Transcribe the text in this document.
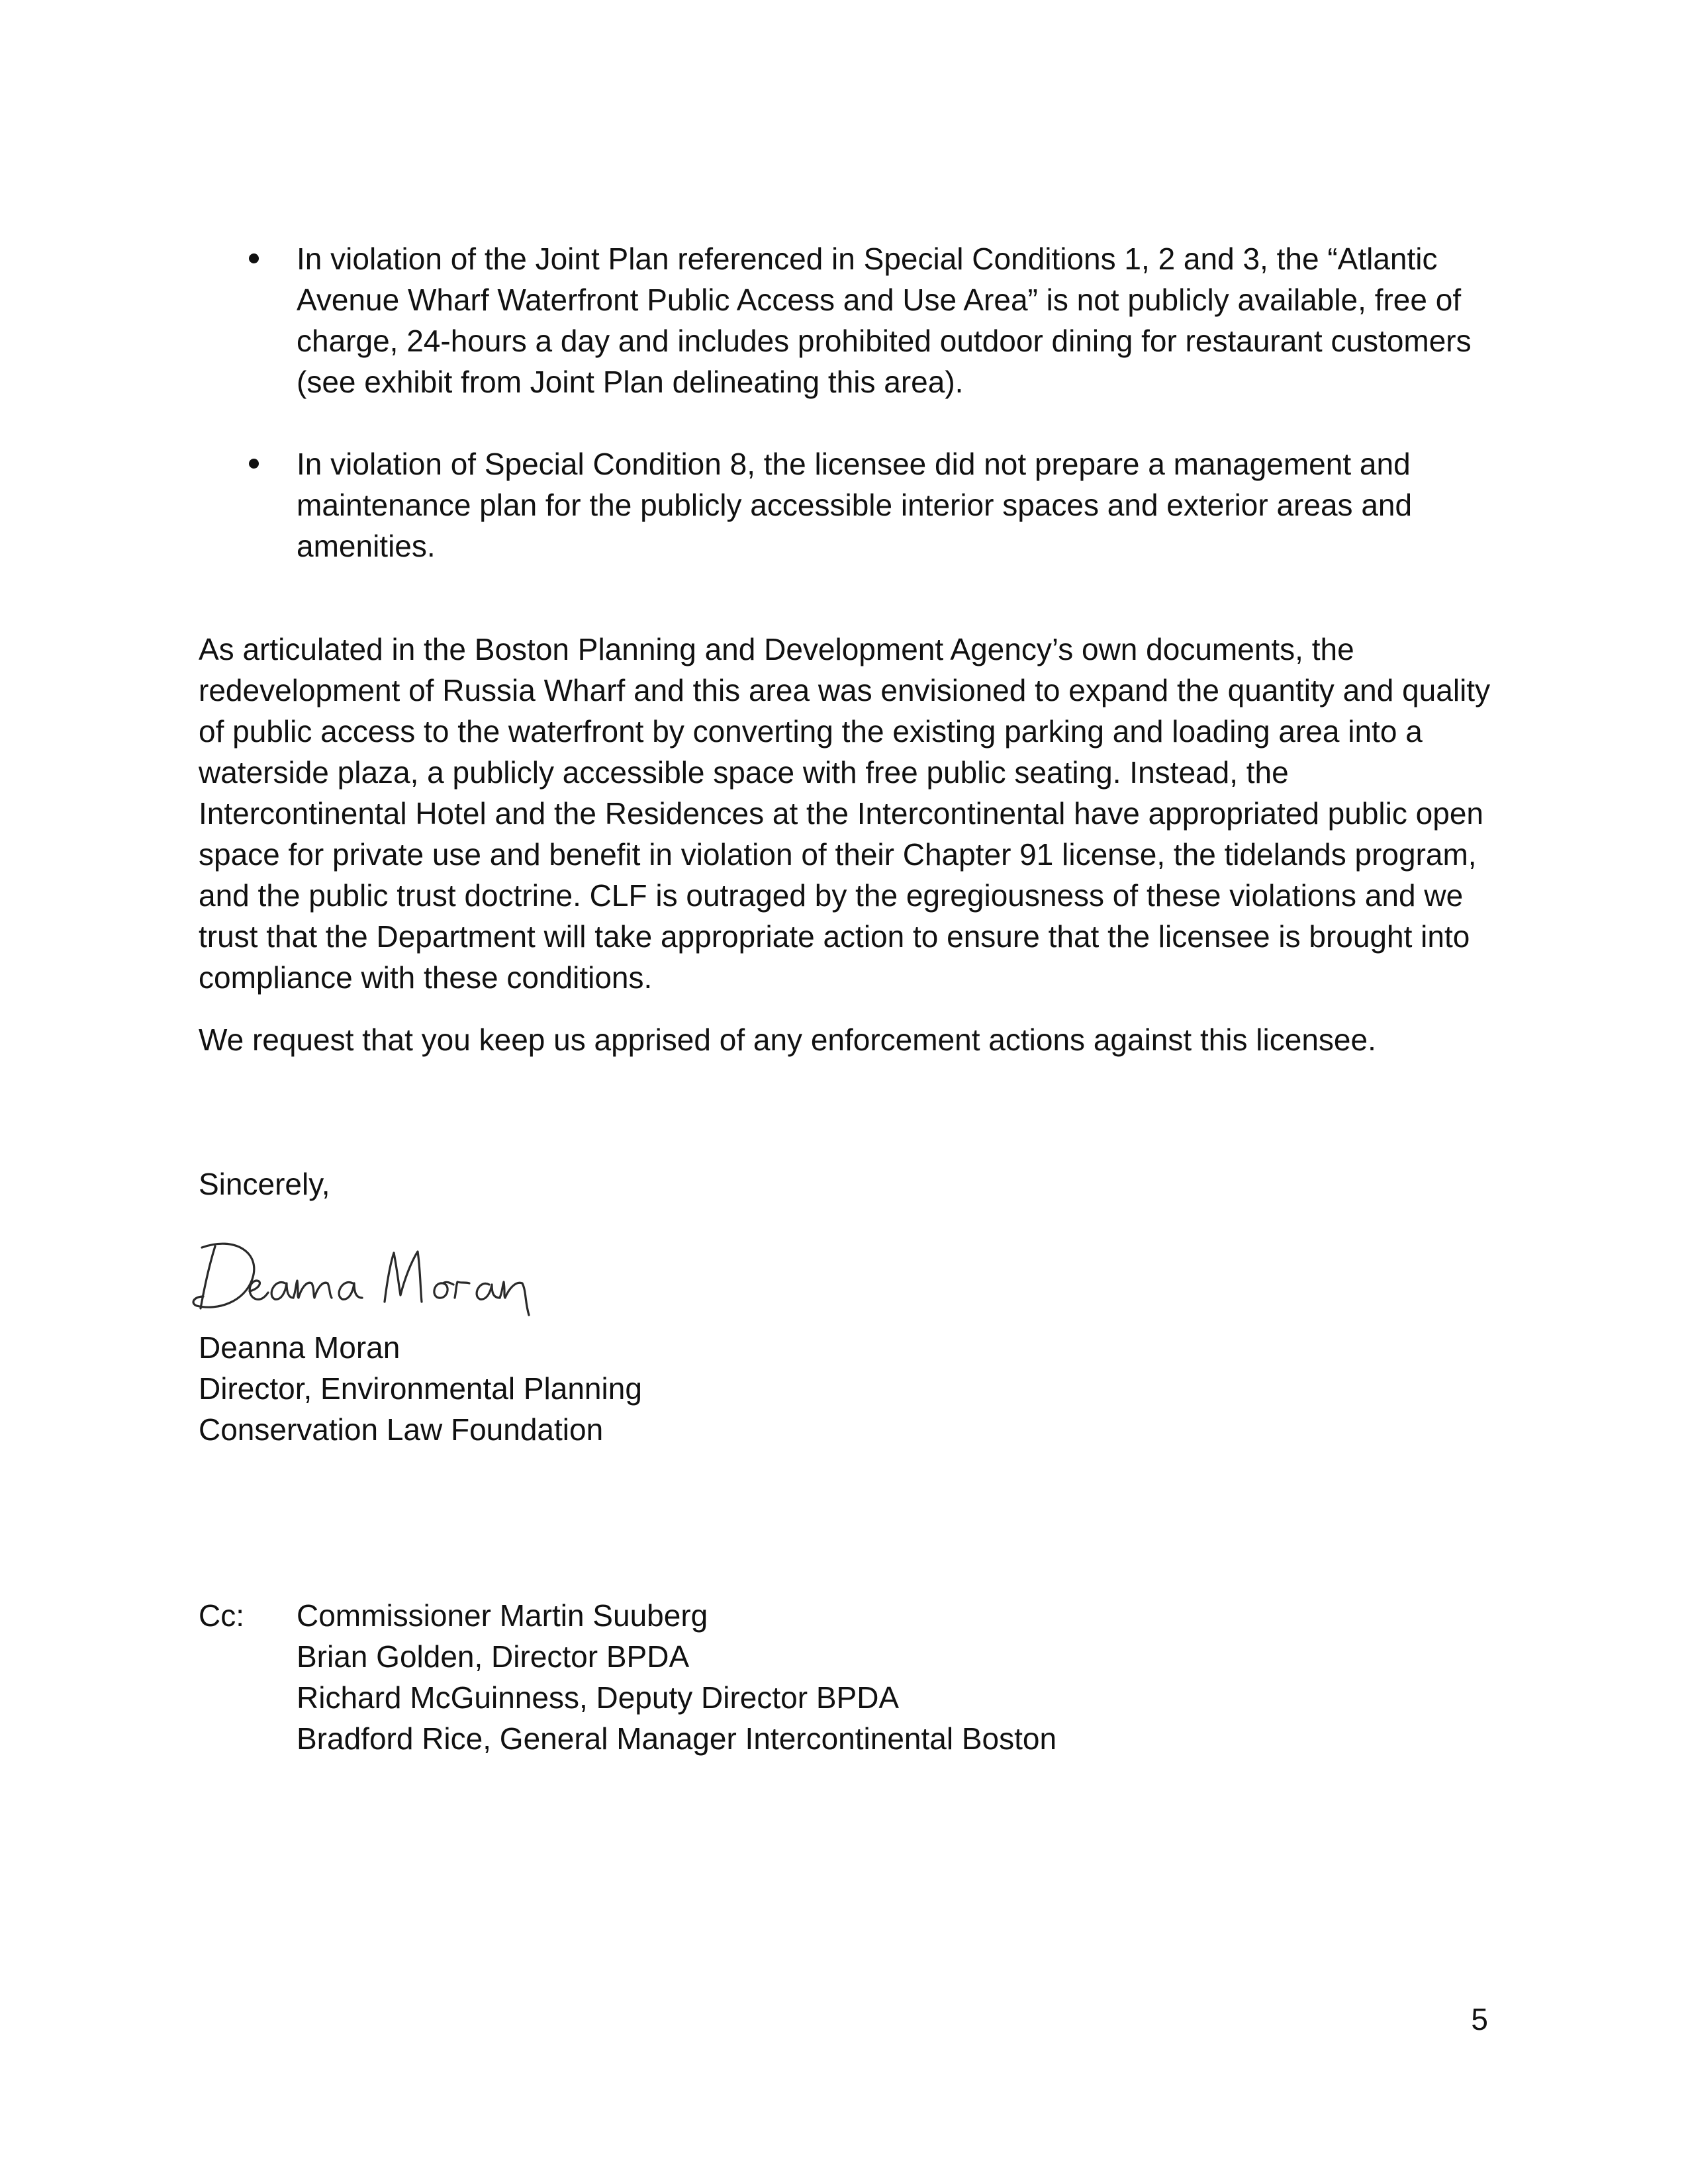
In violation of the Joint Plan referenced in Special Conditions 1, 2 and 3, the “Atlantic Avenue Wharf Waterfront Public Access and Use Area” is not publicly available, free of charge, 24-hours a day and includes prohibited outdoor dining for restaurant customers (see exhibit from Joint Plan delineating this area).
In violation of Special Condition 8, the licensee did not prepare a management and maintenance plan for the publicly accessible interior spaces and exterior areas and amenities.

As articulated in the Boston Planning and Development Agency’s own documents, the redevelopment of Russia Wharf and this area was envisioned to expand the quantity and quality of public access to the waterfront by converting the existing parking and loading area into a waterside plaza, a publicly accessible space with free public seating. Instead, the Intercontinental Hotel and the Residences at the Intercontinental have appropriated public open space for private use and benefit in violation of their Chapter 91 license, the tidelands program, and the public trust doctrine. CLF is outraged by the egregiousness of these violations and we trust that the Department will take appropriate action to ensure that the licensee is brought into compliance with these conditions.

We request that you keep us apprised of any enforcement actions against this licensee.

Sincerely,

Deanna Moran
Director, Environmental Planning
Conservation Law Foundation
Cc: Commissioner Martin Suuberg
Brian Golden, Director BPDA
Richard McGuinness, Deputy Director BPDA
Bradford Rice, General Manager Intercontinental Boston
5
